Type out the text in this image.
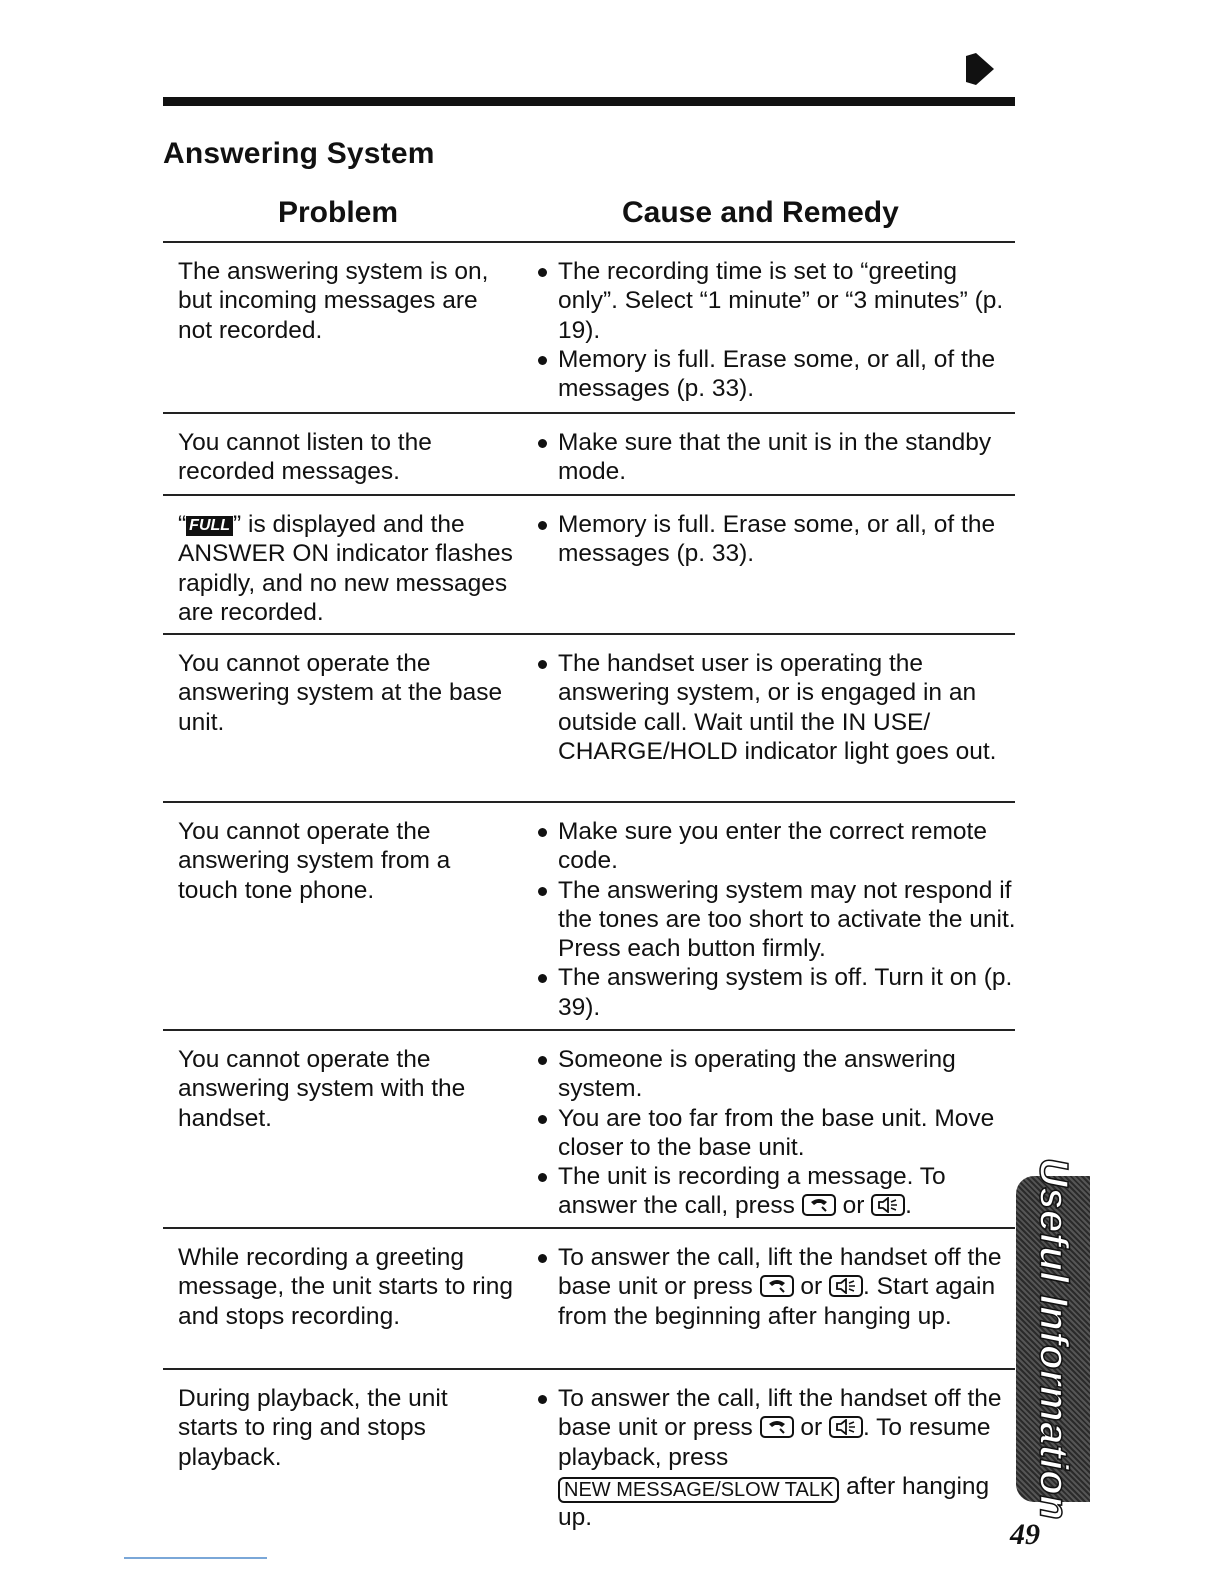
Answering System
Problem	Cause and Remedy
The answering system is on, but incoming messages are not recorded.
The recording time is set to “greeting only”. Select “1 minute” or “3 minutes” (p. 19).
Memory is full. Erase some, or all, of the messages (p. 33).
You cannot listen to the recorded messages.
Make sure that the unit is in the standby mode.
“ FULL ” is displayed and the ANSWER ON indicator flashes rapidly, and no new messages are recorded.
Memory is full. Erase some, or all, of the messages (p. 33).
You cannot operate the answering system at the base unit.
The handset user is operating the answering system, or is engaged in an outside call. Wait until the IN USE/ CHARGE/HOLD indicator light goes out.
You cannot operate the answering system from a touch tone phone.
Make sure you enter the correct remote code.
The answering system may not respond if the tones are too short to activate the unit. Press each button firmly.
The answering system is off. Turn it on (p. 39).
You cannot operate the answering system with the handset.
Someone is operating the answering system.
You are too far from the base unit. Move closer to the base unit.
The unit is recording a message. To answer the call, press or .
While recording a greeting message, the unit starts to ring and stops recording.
To answer the call, lift the handset off the base unit or press or . Start again from the beginning after hanging up.
During playback, the unit starts to ring and stops playback.
To answer the call, lift the handset off the base unit or press or . To resume playback, press NEW MESSAGE/SLOW TALK after hanging up.	Useful Information
49
